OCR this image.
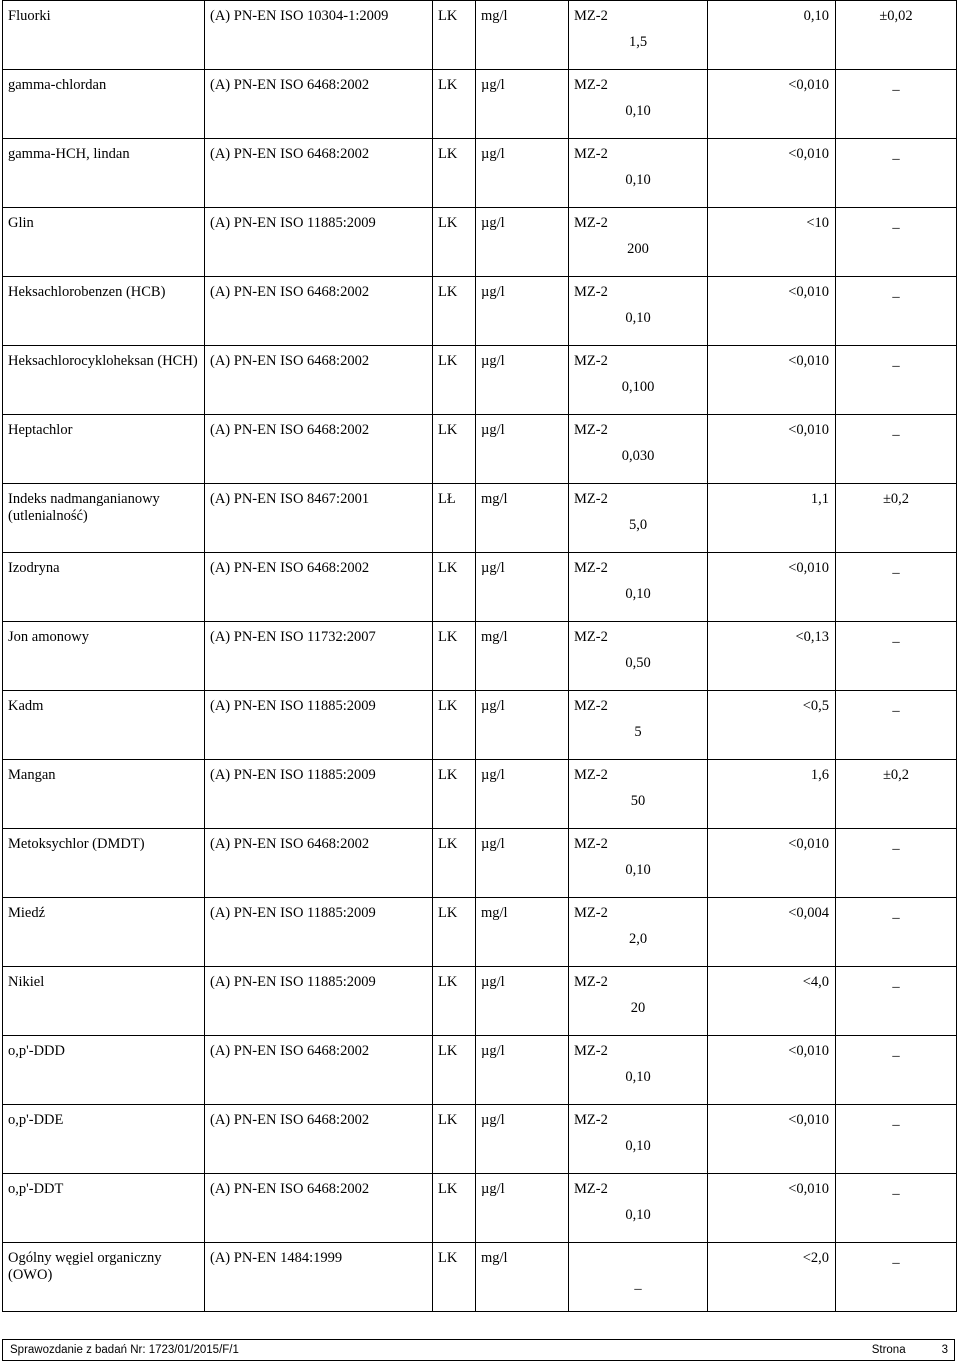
Fluorki	(A) PN-EN ISO 10304-1:2009	LK	mg/l	MZ-2
1,5	0,10	±0,02

gamma-chlordan	(A) PN-EN ISO 6468:2002	LK	µg/l	MZ-2
0,10	<0,010	_

gamma-HCH, lindan	(A) PN-EN ISO 6468:2002	LK	µg/l	MZ-2
0,10	<0,010	_

Glin	(A) PN-EN ISO 11885:2009	LK	µg/l	MZ-2
200	<10	_

Heksachlorobenzen (HCB)	(A) PN-EN ISO 6468:2002	LK	µg/l	MZ-2
0,10	<0,010	_

Heksachlorocykloheksan (HCH)	(A) PN-EN ISO 6468:2002	LK	µg/l	MZ-2
0,100	<0,010	_

Heptachlor	(A) PN-EN ISO 6468:2002	LK	µg/l	MZ-2
0,030	<0,010	_

Indeks nadmanganianowy (utlenialność)	(A) PN-EN ISO 8467:2001	LŁ	mg/l	MZ-2
5,0	1,1	±0,2

Izodryna	(A) PN-EN ISO 6468:2002	LK	µg/l	MZ-2
0,10	<0,010	_

Jon amonowy	(A) PN-EN ISO 11732:2007	LK	mg/l	MZ-2
0,50	<0,13	_

Kadm	(A) PN-EN ISO 11885:2009	LK	µg/l	MZ-2
5	<0,5	_

Mangan	(A) PN-EN ISO 11885:2009	LK	µg/l	MZ-2
50	1,6	±0,2

Metoksychlor (DMDT)	(A) PN-EN ISO 6468:2002	LK	µg/l	MZ-2
0,10	<0,010	_

Miedź	(A) PN-EN ISO 11885:2009	LK	mg/l	MZ-2
2,0	<0,004	_

Nikiel	(A) PN-EN ISO 11885:2009	LK	µg/l	MZ-2
20	<4,0	_

o,p'-DDD	(A) PN-EN ISO 6468:2002	LK	µg/l	MZ-2
0,10	<0,010	_

o,p'-DDE	(A) PN-EN ISO 6468:2002	LK	µg/l	MZ-2
0,10	<0,010	_

o,p'-DDT	(A) PN-EN ISO 6468:2002	LK	µg/l	MZ-2
0,10	<0,010	_

Ogólny węgiel organiczny (OWO)	(A) PN-EN 1484:1999	LK	mg/l	_	<2,0	_
Sprawozdanie z badań Nr: 1723/01/2015/F/1	Strona	3
